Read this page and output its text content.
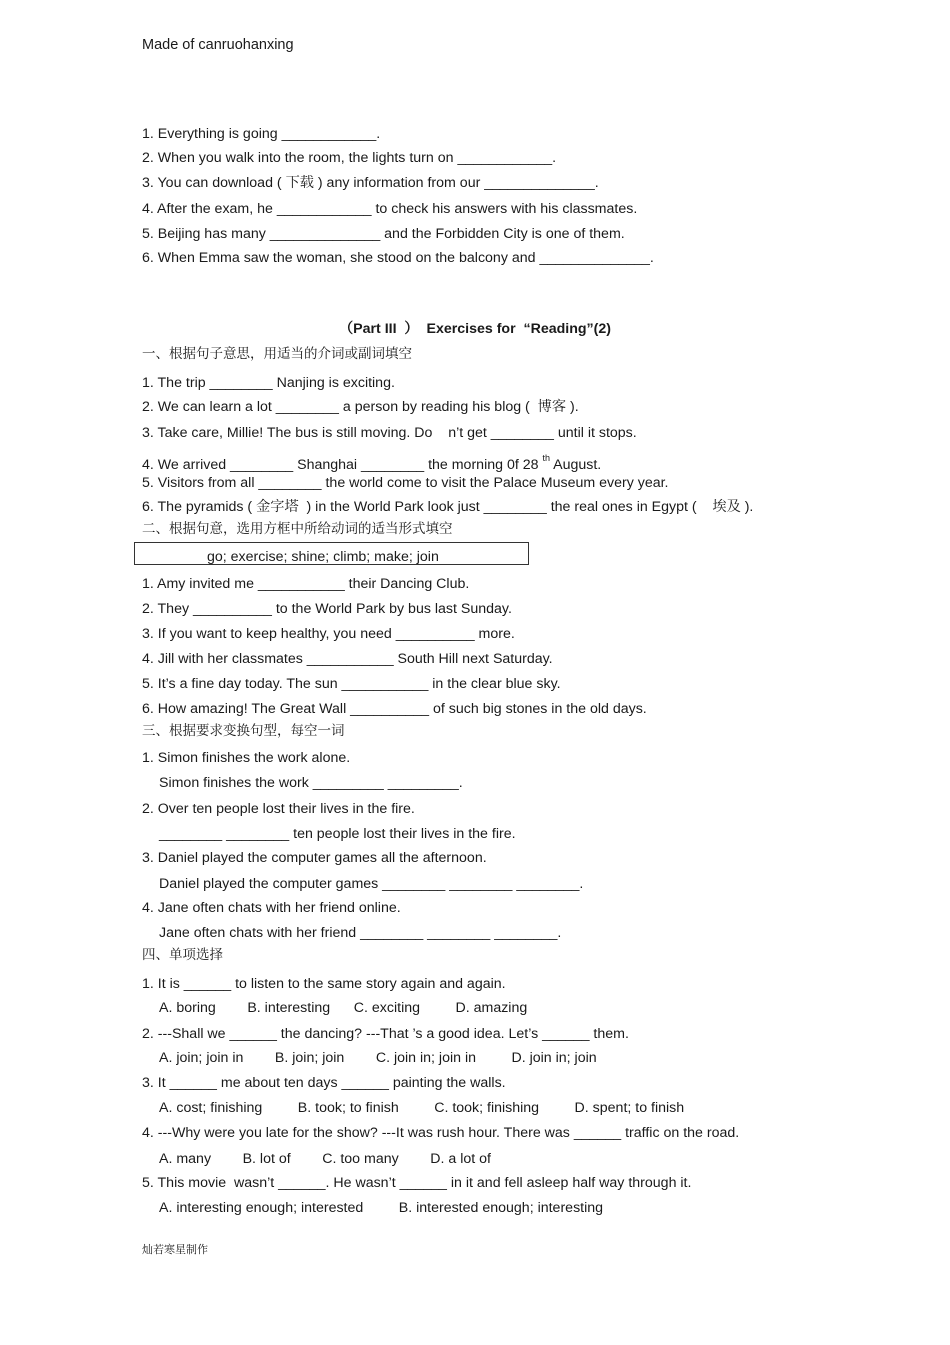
Made of canruohanxing
1. Everything is going ____________.
2. When you walk into the room, the lights turn on ____________.
3. You can download ( 下载 ) any information from our ______________.
4. After the exam, he ____________ to check his answers with his classmates.
5. Beijing has many ______________ and the Forbidden City is one of them.
6. When Emma saw the woman, she stood on the balcony and ______________.
（Part III  ）  Exercises for  “Reading”(2)
一、根据句子意思，用适当的介词或副词填空
1. The trip ________ Nanjing is exciting.
2. We can learn a lot ________ a person by reading his blog (  博客 ).
3. Take care, Millie! The bus is still moving. Do    n’t get ________ until it stops.
4. We arrived ________ Shanghai ________ the morning 0f 28 $^{th}$ August.
5. Visitors from all ________ the world come to visit the Palace Museum every year.
6. The pyramids ( 金字塔  ) in the World Park look just ________ the real ones in Egypt (    埃及 ).
二、根据句意，选用方框中所给动词的适当形式填空
go; exercise; shine; climb; make; join
1. Amy invited me ___________ their Dancing Club.
2. They __________ to the World Park by bus last Sunday.
3. If you want to keep healthy, you need __________ more.
4. Jill with her classmates ___________ South Hill next Saturday.
5. It’s a fine day today. The sun ___________ in the clear blue sky.
6. How amazing! The Great Wall __________ of such big stones in the old days.
三、根据要求变换句型，每空一词
1. Simon finishes the work alone.
Simon finishes the work _________ _________.
2. Over ten people lost their lives in the fire.
________ ________ ten people lost their lives in the fire.
3. Daniel played the computer games all the afternoon.
Daniel played the computer games ________ ________ ________.
4. Jane often chats with her friend online.
Jane often chats with her friend ________ ________ ________.
四、单项选择
1. It is ______ to listen to the same story again and again.
A. boring        B. interesting      C. exciting         D. amazing
2. ---Shall we ______ the dancing? ---That ’s a good idea. Let’s ______ them.
A. join; join in        B. join; join        C. join in; join in         D. join in; join
3. It ______ me about ten days ______ painting the walls.
A. cost; finishing         B. took; to finish         C. took; finishing         D. spent; to finish
4. ---Why were you late for the show? ---It was rush hour. There was ______ traffic on the road.
A. many        B. lot of        C. too many        D. a lot of
5. This movie  wasn’t ______. He wasn’t ______ in it and fell asleep half way through it.
A. interesting enough; interested         B. interested enough; interesting
灿若寒星制作
